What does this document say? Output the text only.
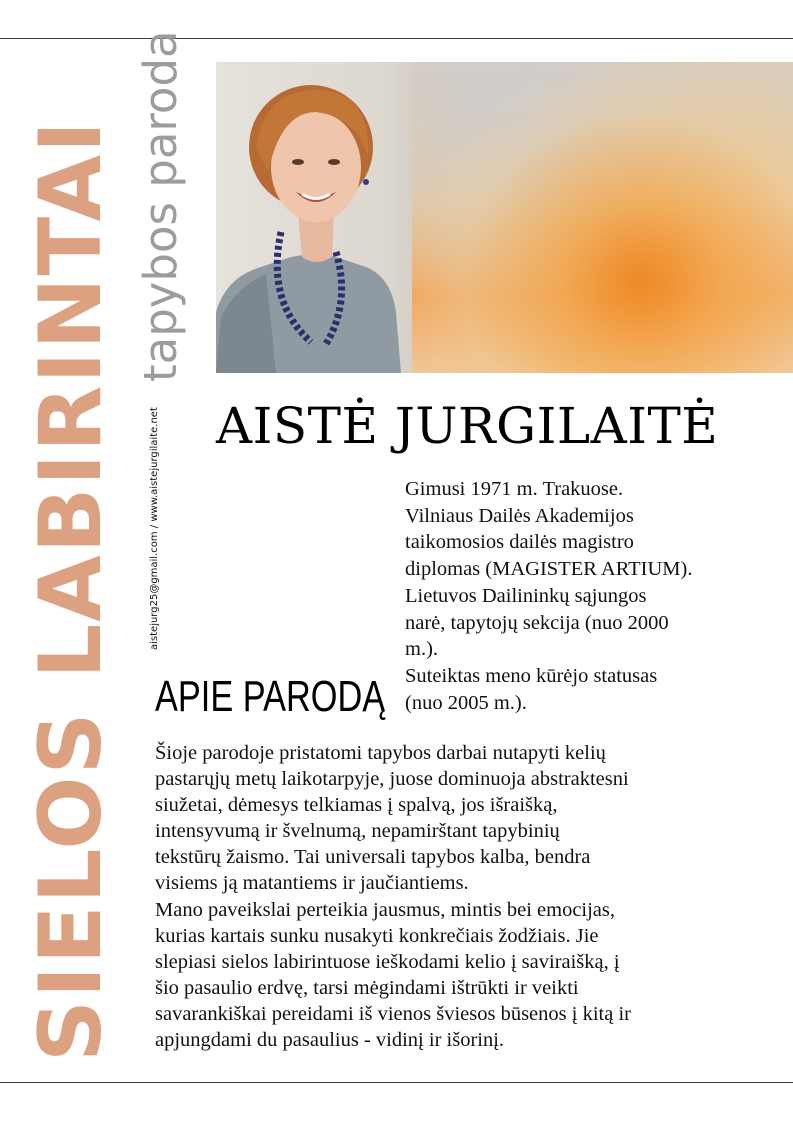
SIELOS LABIRINTAI tapybos paroda
aistejurg25@gmail.com / www.aistejurgilaite.net AISTĖ JURGILAITĖ
Gimusi 1971 m. Trakuose.
Vilniaus Dailės Akademijos
taikomosios dailės magistro
diplomas (MAGISTER ARTIUM).
Lietuvos Dailininkų sąjungos
narė, tapytojų sekcija (nuo 2000
m.).
Suteiktas meno kūrėjo statusas
(nuo 2005 m.).
APIE PARODĄ
Šioje parodoje pristatomi tapybos darbai nutapyti kelių
pastarųjų metų laikotarpyje, juose dominuoja abstraktesni
siužetai, dėmesys telkiamas į spalvą, jos išraišką,
intensyvumą ir švelnumą, nepamirštant tapybinių
tekstūrų žaismo. Tai universali tapybos kalba, bendra
visiems ją matantiems ir jaučiantiems.
Mano paveikslai perteikia jausmus, mintis bei emocijas,
kurias kartais sunku nusakyti konkrečiais žodžiais. Jie
slepiasi sielos labirintuose ieškodami kelio į saviraišką, į
šio pasaulio erdvę, tarsi mėgindami ištrūkti ir veikti
savarankiškai pereidami iš vienos šviesos būsenos į kitą ir
apjungdami du pasaulius - vidinį ir išorinį.
